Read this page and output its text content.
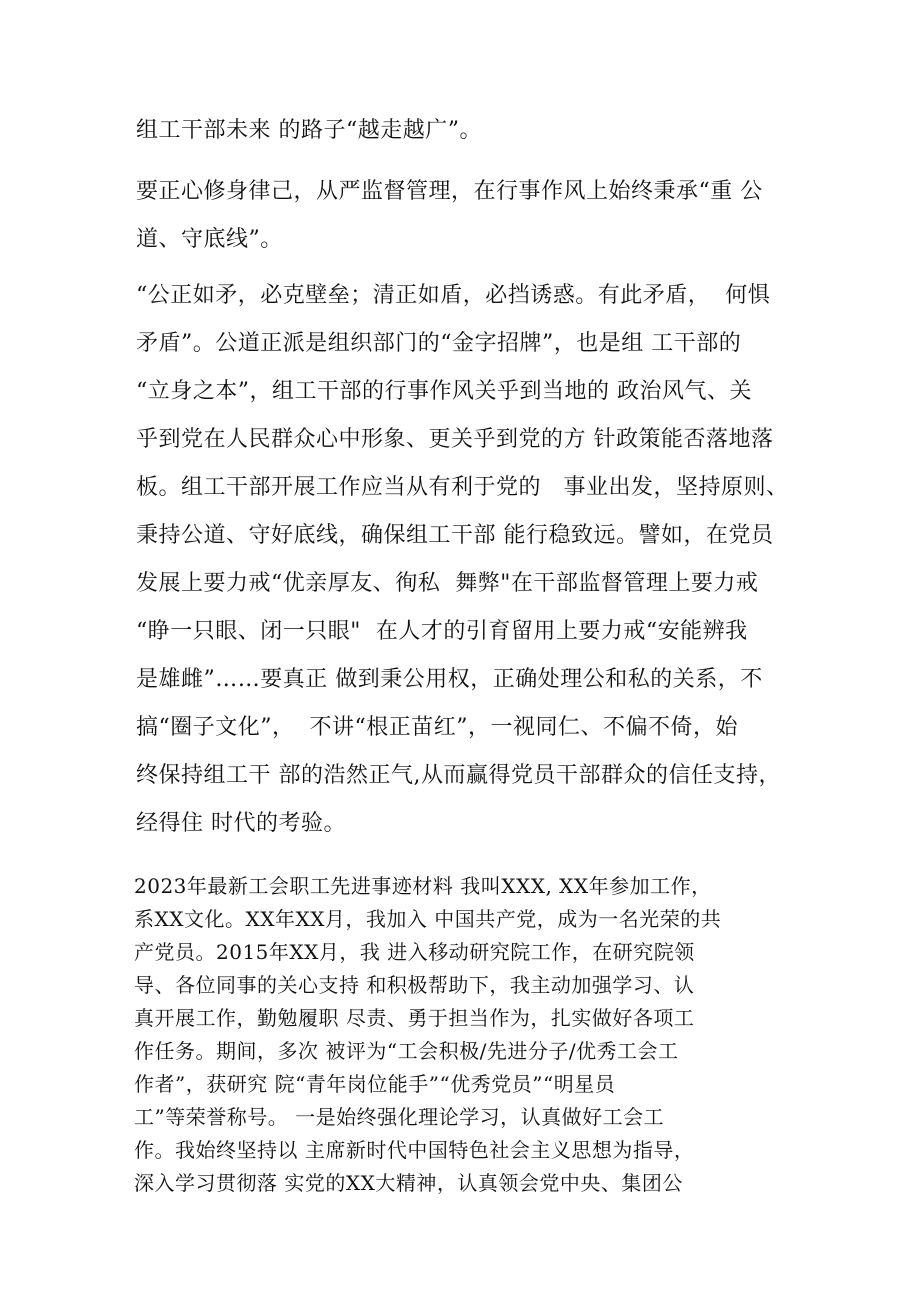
组工干部未来 的路子“越走越广”。
要正心修身律己，从严监督管理，在行事作风上始终秉承“重 公
道、守底线”。
“公正如矛，必克壁垒；清正如盾，必挡诱惑。有此矛盾，  何惧
矛盾”。公道正派是组织部门的“金字招牌”，也是组 工干部的
“立身之本”，组工干部的行事作风关乎到当地的 政治风气、关
乎到党在人民群众心中形象、更关乎到党的方 针政策能否落地落
板。组工干部开展工作应当从有利于党的   事业出发，坚持原则、
秉持公道、守好底线，确保组工干部 能行稳致远。譬如，在党员
发展上要力戒“优亲厚友、徇私  舞弊"在干部监督管理上要力戒
“睁一只眼、闭一只眼"  在人才的引育留用上要力戒“安能辨我
是雄雌”……要真正 做到秉公用权，正确处理公和私的关系，不
搞“圈子文化”，  不讲“根正苗红”，一视同仁、不偏不倚，始
终保持组工干 部的浩然正气,从而赢得党员干部群众的信任支持，
经得住 时代的考验。
2023年最新工会职工先进事迹材料 我叫XXX, XX年参加工作，
系XX文化。XX年XX月，我加入 中国共产党，成为一名光荣的共
产党员。2015年XX月，我 进入移动研究院工作，在研究院领
导、各位同事的关心支持 和积极帮助下，我主动加强学习、认
真开展工作，勤勉履职 尽责、勇于担当作为，扎实做好各项工
作任务。期间，多次 被评为“工会积极/先进分子/优秀工会工
作者”，获研究 院“青年岗位能手”“优秀党员”“明星员
工”等荣誉称号。 一是始终强化理论学习，认真做好工会工
作。我始终坚持以 主席新时代中国特色社会主义思想为指导，
深入学习贯彻落 实党的XX大精神，认真领会党中央、集团公
